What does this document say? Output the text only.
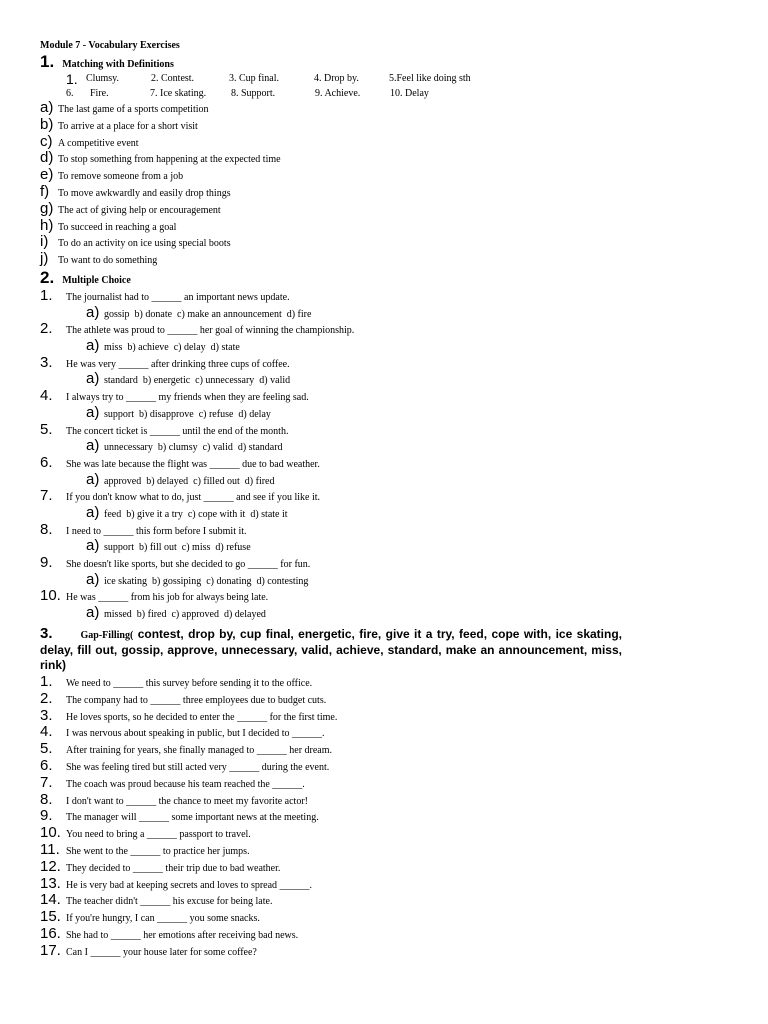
Module 7 - Vocabulary Exercises
1. Matching with Definitions
1. Clumsy.	2. Contest.	3. Cup final.	4. Drop by.	5.Feel like doing sth
6. Fire.	7. Ice skating. 8. Support.	9. Achieve.	10. Delay
a) The last game of a sports competition
b) To arrive at a place for a short visit
c) A competitive event
d) To stop something from happening at the expected time
e) To remove someone from a job
f) To move awkwardly and easily drop things
g) The act of giving help or encouragement
h) To succeed in reaching a goal
i) To do an activity on ice using special boots
j) To want to do something
2. Multiple Choice
1.	The journalist had to ______ an important news update.
a) gossip  b) donate  c) make an announcement  d) fire
2.	The athlete was proud to ______ her goal of winning the championship.
a) miss  b) achieve  c) delay  d) state
3.	He was very ______ after drinking three cups of coffee.
a) standard  b) energetic  c) unnecessary  d) valid
4.	I always try to ______ my friends when they are feeling sad.
a) support  b) disapprove  c) refuse  d) delay
5.	The concert ticket is ______ until the end of the month.
a) unnecessary  b) clumsy  c) valid  d) standard
6.	She was late because the flight was ______ due to bad weather.
a) approved  b) delayed  c) filled out  d) fired
7.	If you don't know what to do, just ______ and see if you like it.
a) feed  b) give it a try  c) cope with it  d) state it
8.	I need to ______ this form before I submit it.
a) support  b) fill out  c) miss  d) refuse
9.	She doesn't like sports, but she decided to go ______ for fun.
a) ice skating  b) gossiping  c) donating  d) contesting
10. He was ______ from his job for always being late.
a) missed  b) fired  c) approved  d) delayed
3.	Gap-Filling( contest, drop by, cup final, energetic, fire, give it a try, feed, cope with, ice skating, delay, fill out, gossip, approve, unnecessary, valid, achieve, standard, make an announcement, miss, rink)
1.	We need to ______ this survey before sending it to the office.
2.	The company had to ______ three employees due to budget cuts.
3.	He loves sports, so he decided to enter the ______ for the first time.
4.	I was nervous about speaking in public, but I decided to ______.
5.	After training for years, she finally managed to ______ her dream.
6.	She was feeling tired but still acted very ______ during the event.
7.	The coach was proud because his team reached the ______.
8.	I don't want to ______ the chance to meet my favorite actor!
9.	The manager will ______ some important news at the meeting.
10. You need to bring a ______ passport to travel.
11. She went to the ______ to practice her jumps.
12. They decided to ______ their trip due to bad weather.
13. He is very bad at keeping secrets and loves to spread ______.
14. The teacher didn't ______ his excuse for being late.
15. If you're hungry, I can ______ you some snacks.
16. She had to ______ her emotions after receiving bad news.
17. Can I ______ your house later for some coffee?
